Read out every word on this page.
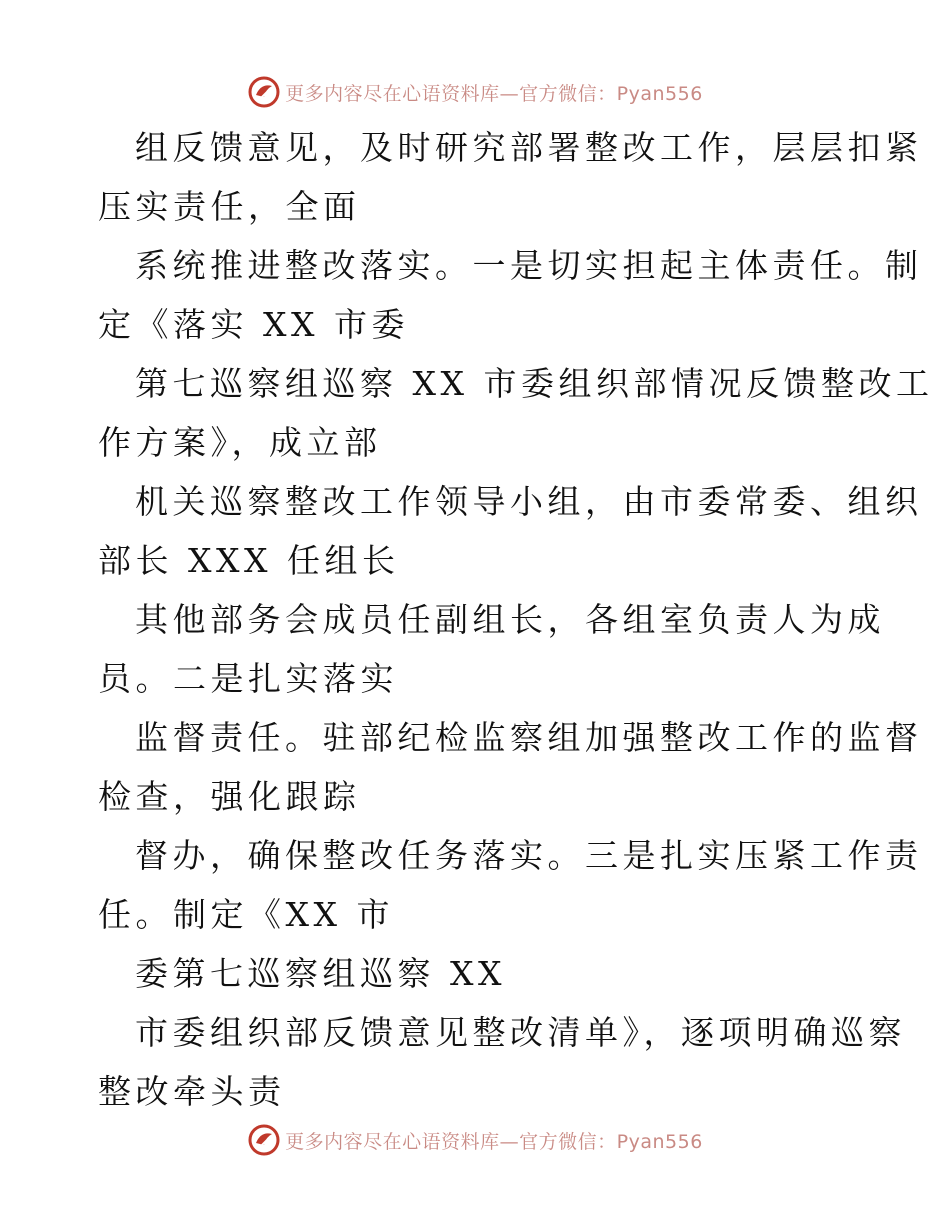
更多内容尽在心语资料库—官方微信：Pyan556
组反馈意见，及时研究部署整改工作，层层扣紧
压实责任，全面
系统推进整改落实。一是切实担起主体责任。制
定《落实 XX 市委
第七巡察组巡察 XX 市委组织部情况反馈整改工
作方案》，成立部
机关巡察整改工作领导小组，由市委常委、组织
部长 XXX 任组长
其他部务会成员任副组长，各组室负责人为成
员。二是扎实落实
监督责任。驻部纪检监察组加强整改工作的监督
检查，强化跟踪
督办，确保整改任务落实。三是扎实压紧工作责
任。制定《XX 市
委第七巡察组巡察 XX
市委组织部反馈意见整改清单》，逐项明确巡察
整改牵头责
更多内容尽在心语资料库—官方微信：Pyan556
